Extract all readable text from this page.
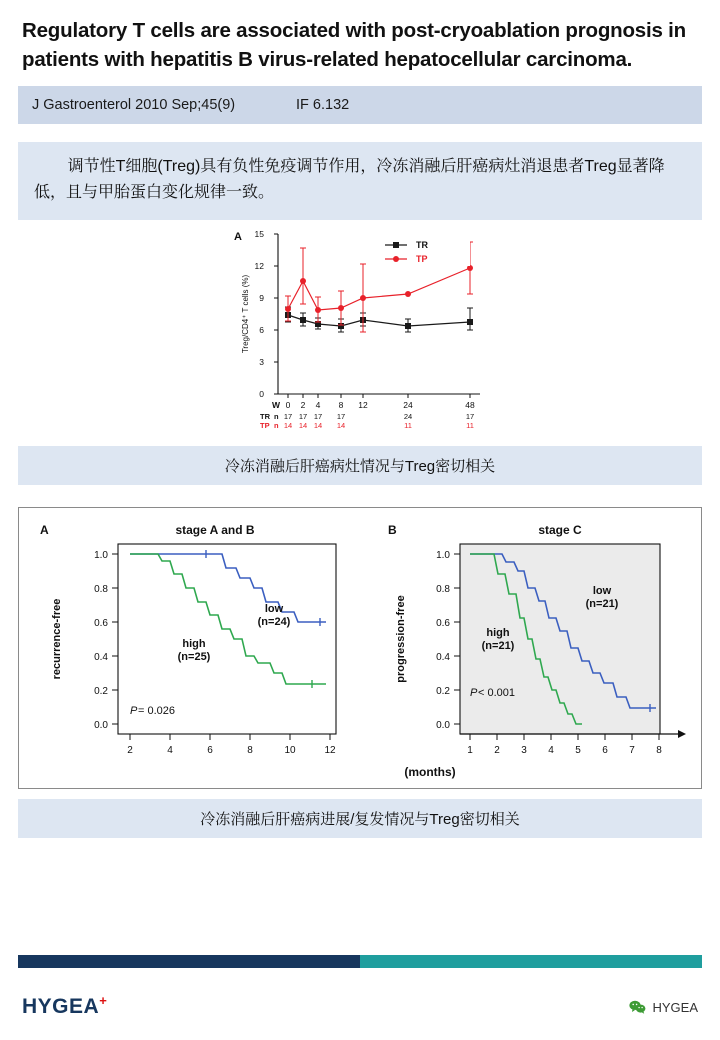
Regulatory T cells are associated with post-cryoablation prognosis in patients with hepatitis B virus-related hepatocellular carcinoma.
J Gastroenterol 2010 Sep;45(9)	IF 6.132
调节性T细胞(Treg)具有负性免疫调节作用，冷冻消融后肝癌病灶消退患者Treg显著降低，且与甲胎蛋白变化规律一致。
A
0
3
6
9
12
15
Treg/CD4⁺ T cells (%)
0 2 4 8 12	24	48
W
TR n 17 17 17 17	24	17
TP n 14 14 14 14	11	11
TR
TP
冷冻消融后肝癌病灶情况与Treg密切相关
A	stage A and B
recurrence-free
1.0
0.8
0.6
0.4
0.2
0.0
2	4	6	8	10	12
low
(n=24)
high
(n=25)
P = 0.026
B	stage C
progression-free
1.0
0.8
0.6
0.4
0.2
0.0
1 2 3 4 5 6 7 8
low
(n=21)
high
(n=21)
P < 0.001
(months)
冷冻消融后肝癌病进展/复发情况与Treg密切相关
HYGEA+	HYGEA
